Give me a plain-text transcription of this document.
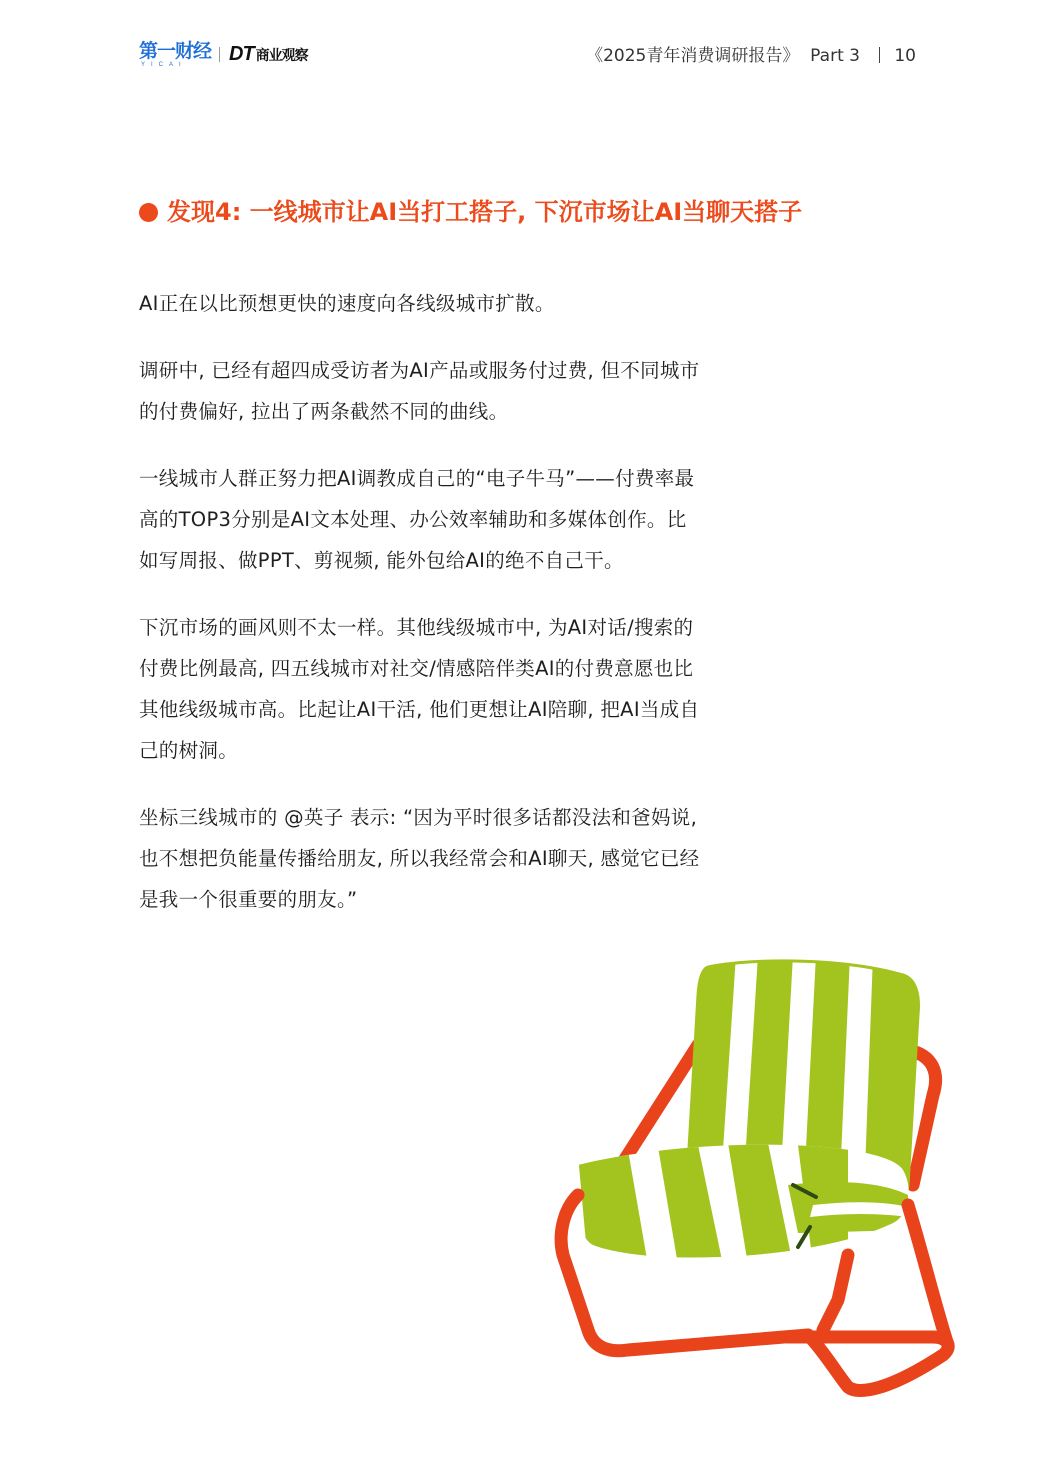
第一财经
YICAI DT 商业观察	《2025青年消费调研报告》 Part 3 10
发现4: 一线城市让AI当打工搭子, 下沉市场让AI当聊天搭子

AI正在以比预想更快的速度向各线级城市扩散。

调研中, 已经有超四成受访者为AI产品或服务付过费, 但不同城市的付费偏好, 拉出了两条截然不同的曲线。

一线城市人群正努力把AI调教成自己的“电子牛马”——付费率最高的TOP3分别是AI文本处理、办公效率辅助和多媒体创作。比如写周报、做PPT、剪视频, 能外包给AI的绝不自己干。

下沉市场的画风则不太一样。其他线级城市中, 为AI对话/搜索的付费比例最高, 四五线城市对社交/情感陪伴类AI的付费意愿也比其他线级城市高。比起让AI干活, 他们更想让AI陪聊, 把AI当成自己的树洞。

坐标三线城市的 @英子 表示: “因为平时很多话都没法和爸妈说, 也不想把负能量传播给朋友, 所以我经常会和AI聊天, 感觉它已经是我一个很重要的朋友。”
